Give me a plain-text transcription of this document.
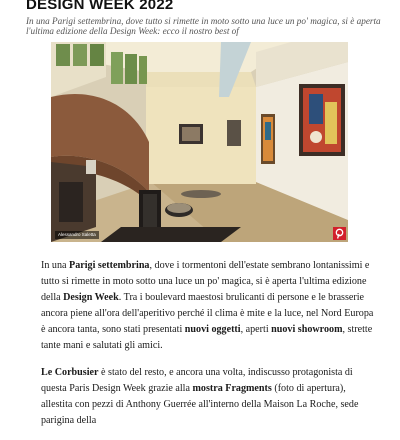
DESIGN WEEK 2022

In una Parigi settembrina, dove tutto si rimette in moto sotto una luce un po' magica, si è aperta l'ultima edizione della Design Week: ecco il nostro best of

Alessandro Saletta

In una Parigi settembrina, dove i tormentoni dell'estate sembrano lontanissimi e tutto si rimette in moto sotto una luce un po' magica, si è aperta l'ultima edizione della Design Week. Tra i boulevard maestosi brulicanti di persone e le brasserie ancora piene all'ora dell'aperitivo perché il clima è mite e la luce, nel Nord Europa è ancora tanta, sono stati presentati nuovi oggetti, aperti nuovi showroom, strette tante mani e salutati gli amici.

Le Corbusier è stato del resto, e ancora una volta, indiscusso protagonista di questa Paris Design Week grazie alla mostra Fragments (foto di apertura), allestita con pezzi di Anthony Guerrée all'interno della Maison La Roche, sede parigina della
